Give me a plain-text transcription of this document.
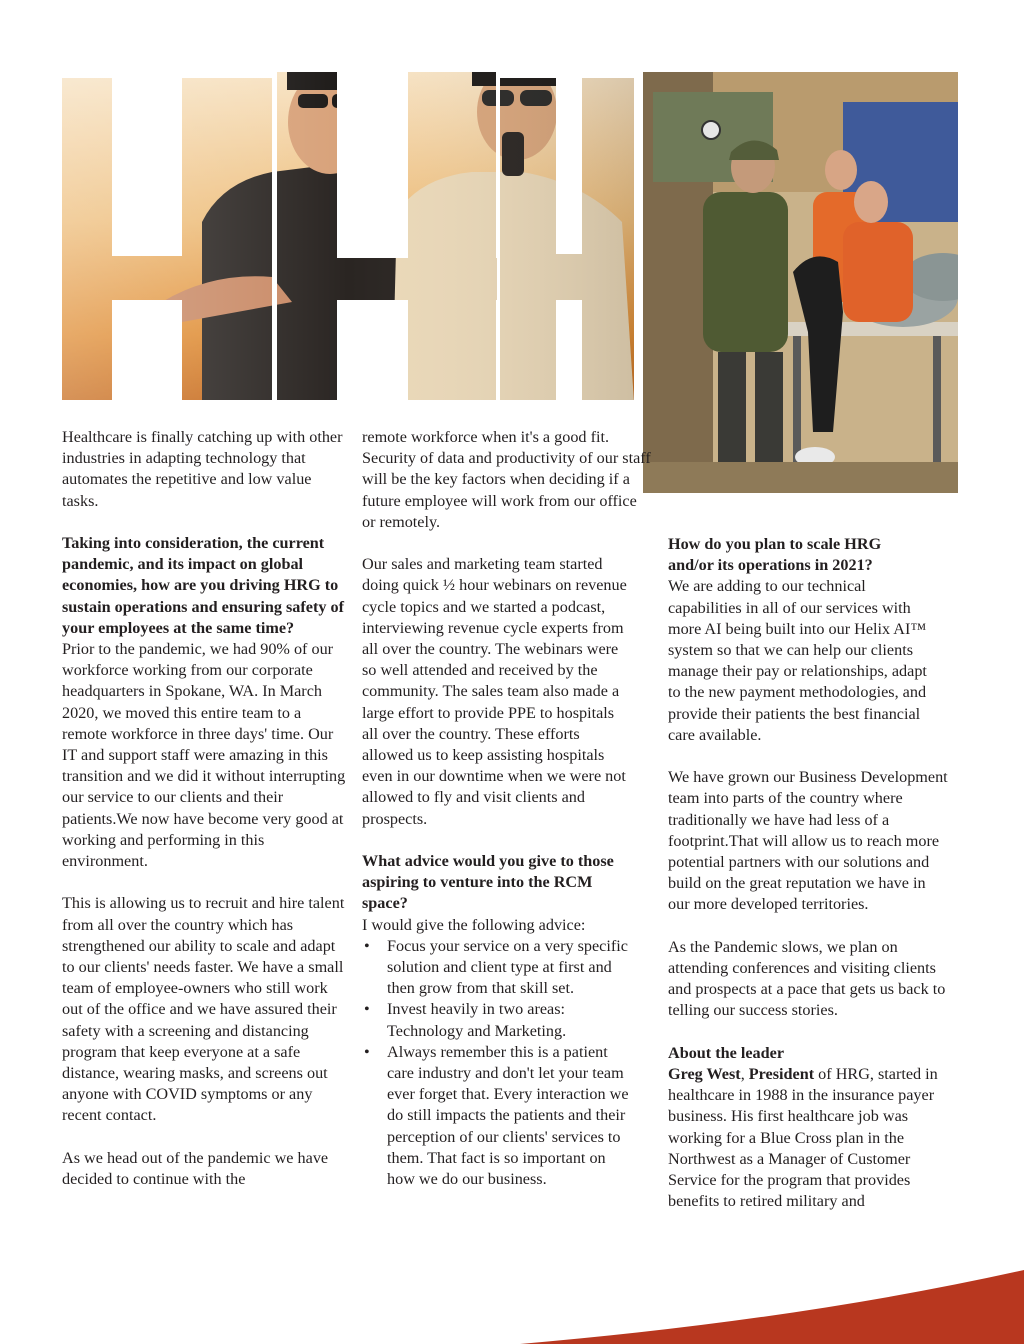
Healthcare is finally catching up with other industries in adapting technology that automates the repetitive and low value tasks.

Taking into consideration, the current pandemic, and its impact on global economies, how are you driving HRG to sustain operations and ensuring safety of your employees at the same time?

Prior to the pandemic, we had 90% of our workforce working from our corporate headquarters in Spokane, WA. In March 2020, we moved this entire team to a remote workforce in three days' time. Our IT and support staff were amazing in this transition and we did it without interrupting our service to our clients and their patients.We now have become very good at working and performing in this environment.

This is allowing us to recruit and hire talent from all over the country which has strengthened our ability to scale and adapt to our clients' needs faster. We have a small team of employee-owners who still work out of the office and we have assured their safety with a screening and distancing program that keep everyone at a safe distance, wearing masks, and screens out anyone with COVID symptoms or any recent contact.

As we head out of the pandemic we have decided to continue with the

remote workforce when it's a good fit. Security of data and productivity of our staff will be the key factors when deciding if a future employee will work from our office or remotely.

Our sales and marketing team started doing quick ½ hour webinars on revenue cycle topics and we started a podcast, interviewing revenue cycle experts from all over the country. The webinars were so well attended and received by the community. The sales team also made a large effort to provide PPE to hospitals all over the country. These efforts allowed us to keep assisting hospitals even in our downtime when we were not allowed to fly and visit clients and prospects.

What advice would you give to those aspiring to venture into the RCM space?

I would give the following advice:

• Focus your service on a very specific solution and client type at first and then grow from that skill set.
• Invest heavily in two areas: Technology and Marketing.
• Always remember this is a patient care industry and don't let your team ever forget that. Every interaction we do still impacts the patients and their perception of our clients' services to them. That fact is so important on how we do our business.

How do you plan to scale HRG and/or its operations in 2021?

We are adding to our technical capabilities in all of our services with more AI being built into our Helix AI™ system so that we can help our clients manage their pay or relationships, adapt to the new payment methodologies, and provide their patients the best financial care available.

We have grown our Business Development team into parts of the country where traditionally we have had less of a footprint.That will allow us to reach more potential partners with our solutions and build on the great reputation we have in our more developed territories.

As the Pandemic slows, we plan on attending conferences and visiting clients and prospects at a pace that gets us back to telling our success stories.

About the leader

Greg West, President of HRG, started in healthcare in 1988 in the insurance payer business. His first healthcare job was working for a Blue Cross plan in the Northwest as a Manager of Customer Service for the program that provides benefits to retired military and
